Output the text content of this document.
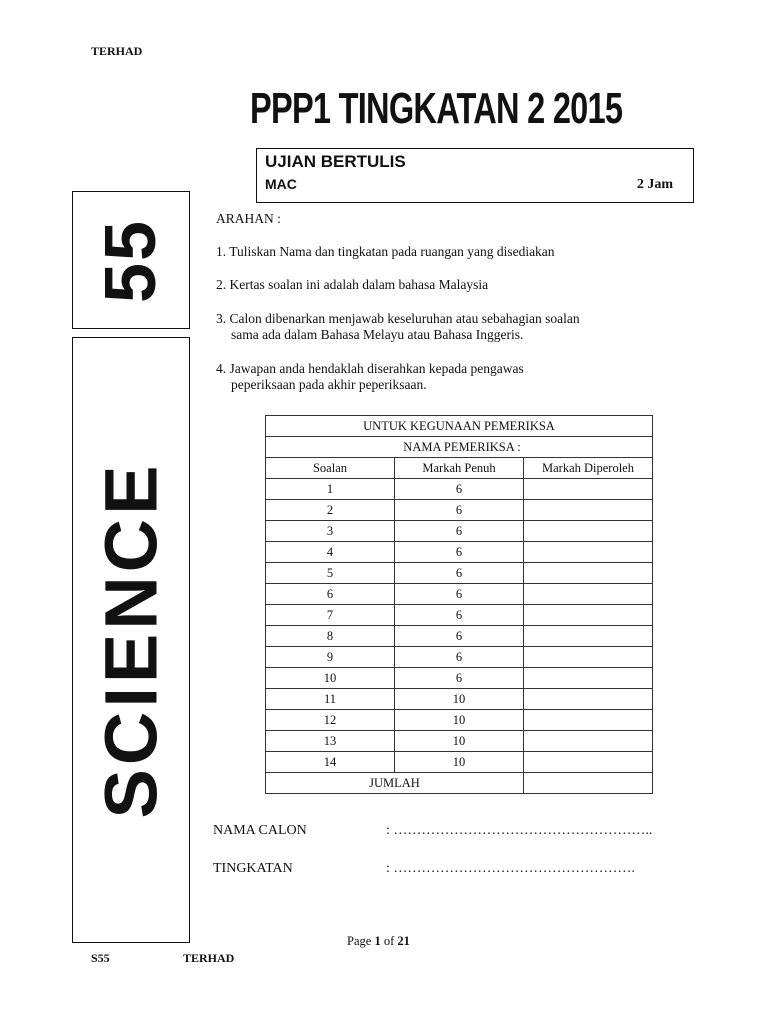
TERHAD
PPP1 TINGKATAN 2 2015
UJIAN BERTULIS
MAC	2 Jam
55
SCIENCE
ARAHAN :
1. Tuliskan Nama dan tingkatan pada ruangan yang disediakan
2. Kertas soalan ini adalah dalam bahasa Malaysia
3. Calon dibenarkan menjawab keseluruhan atau sebahagian soalan
sama ada dalam Bahasa Melayu atau Bahasa Inggeris.
4. Jawapan anda hendaklah diserahkan kepada pengawas
peperiksaan pada akhir peperiksaan.
UNTUK KEGUNAAN PEMERIKSA		
NAMA PEMERIKSA :		
Soalan	Markah Penuh	Markah Diperoleh
1	6	
2	6	
3	6	
4	6	
5	6	
6	6	
7	6	
8	6	
9	6	
10	6	
11	10	
12	10	
13	10	
14	10	
JUMLAH		
NAMA CALON	: ………………………………………………..
TINGKATAN	: …………………………………………….
Page 1 of 21
S55	TERHAD
